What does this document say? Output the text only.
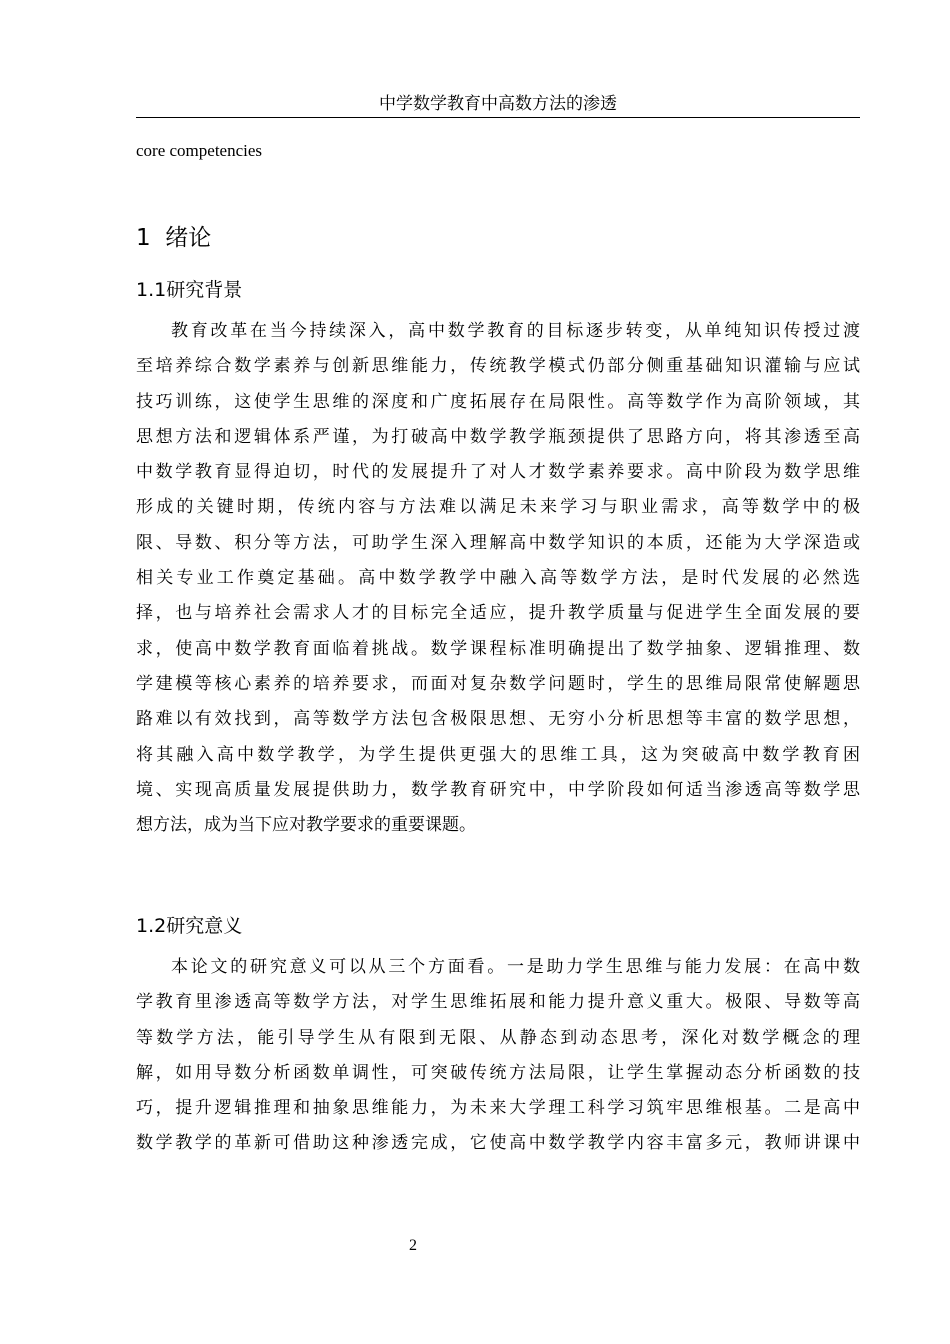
中学数学教育中高数方法的渗透
core competencies
1  绪论
1.1研究背景
教育改革在当今持续深入，高中数学教育的目标逐步转变，从单纯知识传授过渡
至培养综合数学素养与创新思维能力，传统教学模式仍部分侧重基础知识灌输与应试
技巧训练，这使学生思维的深度和广度拓展存在局限性。高等数学作为高阶领域，其
思想方法和逻辑体系严谨，为打破高中数学教学瓶颈提供了思路方向，将其渗透至高
中数学教育显得迫切，时代的发展提升了对人才数学素养要求。高中阶段为数学思维
形成的关键时期，传统内容与方法难以满足未来学习与职业需求，高等数学中的极
限、导数、积分等方法，可助学生深入理解高中数学知识的本质，还能为大学深造或
相关专业工作奠定基础。高中数学教学中融入高等数学方法，是时代发展的必然选
择，也与培养社会需求人才的目标完全适应，提升教学质量与促进学生全面发展的要
求，使高中数学教育面临着挑战。数学课程标准明确提出了数学抽象、逻辑推理、数
学建模等核心素养的培养要求，而面对复杂数学问题时，学生的思维局限常使解题思
路难以有效找到，高等数学方法包含极限思想、无穷小分析思想等丰富的数学思想，
将其融入高中数学教学，为学生提供更强大的思维工具，这为突破高中数学教育困
境、实现高质量发展提供助力，数学教育研究中，中学阶段如何适当渗透高等数学思
想方法，成为当下应对教学要求的重要课题。
1.2研究意义
本论文的研究意义可以从三个方面看。一是助力学生思维与能力发展：在高中数
学教育里渗透高等数学方法，对学生思维拓展和能力提升意义重大。极限、导数等高
等数学方法，能引导学生从有限到无限、从静态到动态思考，深化对数学概念的理
解，如用导数分析函数单调性，可突破传统方法局限，让学生掌握动态分析函数的技
巧，提升逻辑推理和抽象思维能力，为未来大学理工科学习筑牢思维根基。二是高中
数学教学的革新可借助这种渗透完成，它使高中数学教学内容丰富多元，教师讲课中
2
